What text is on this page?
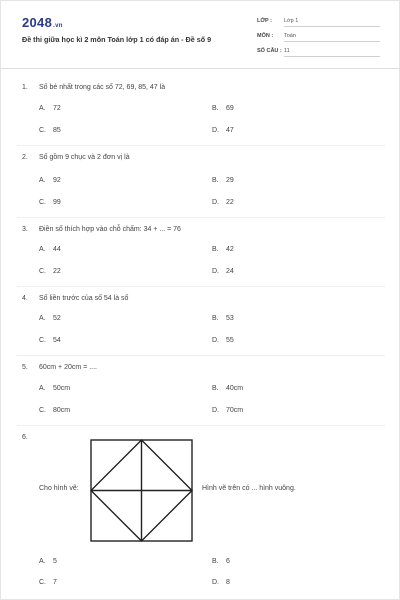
2048.vn
Đề thi giữa học kì 2 môn Toán lớp 1 có đáp án - Đề số 9
LỚP : Lớp 1
MÔN : Toán
SỐ CÂU : 11
1. Số bé nhất trong các số 72, 69, 85, 47 là
A. 72	B. 69
C. 85	D. 47
2. Số gồm 9 chục và 2 đơn vị là
A. 92	B. 29
C. 99	D. 22
3. Điền số thích hợp vào chỗ chấm: 34 + ... = 76
A. 44	B. 42
C. 22	D. 24
4. Số liền trước của số 54 là số
A. 52	B. 53
C. 54	D. 55
5. 60cm + 20cm = ....
A. 50cm	B. 40cm
C. 80cm	D. 70cm
6.
Cho hình vẽ:	Hình vẽ trên có ... hình vuông.
A. 5	B. 6
C. 7	D. 8
